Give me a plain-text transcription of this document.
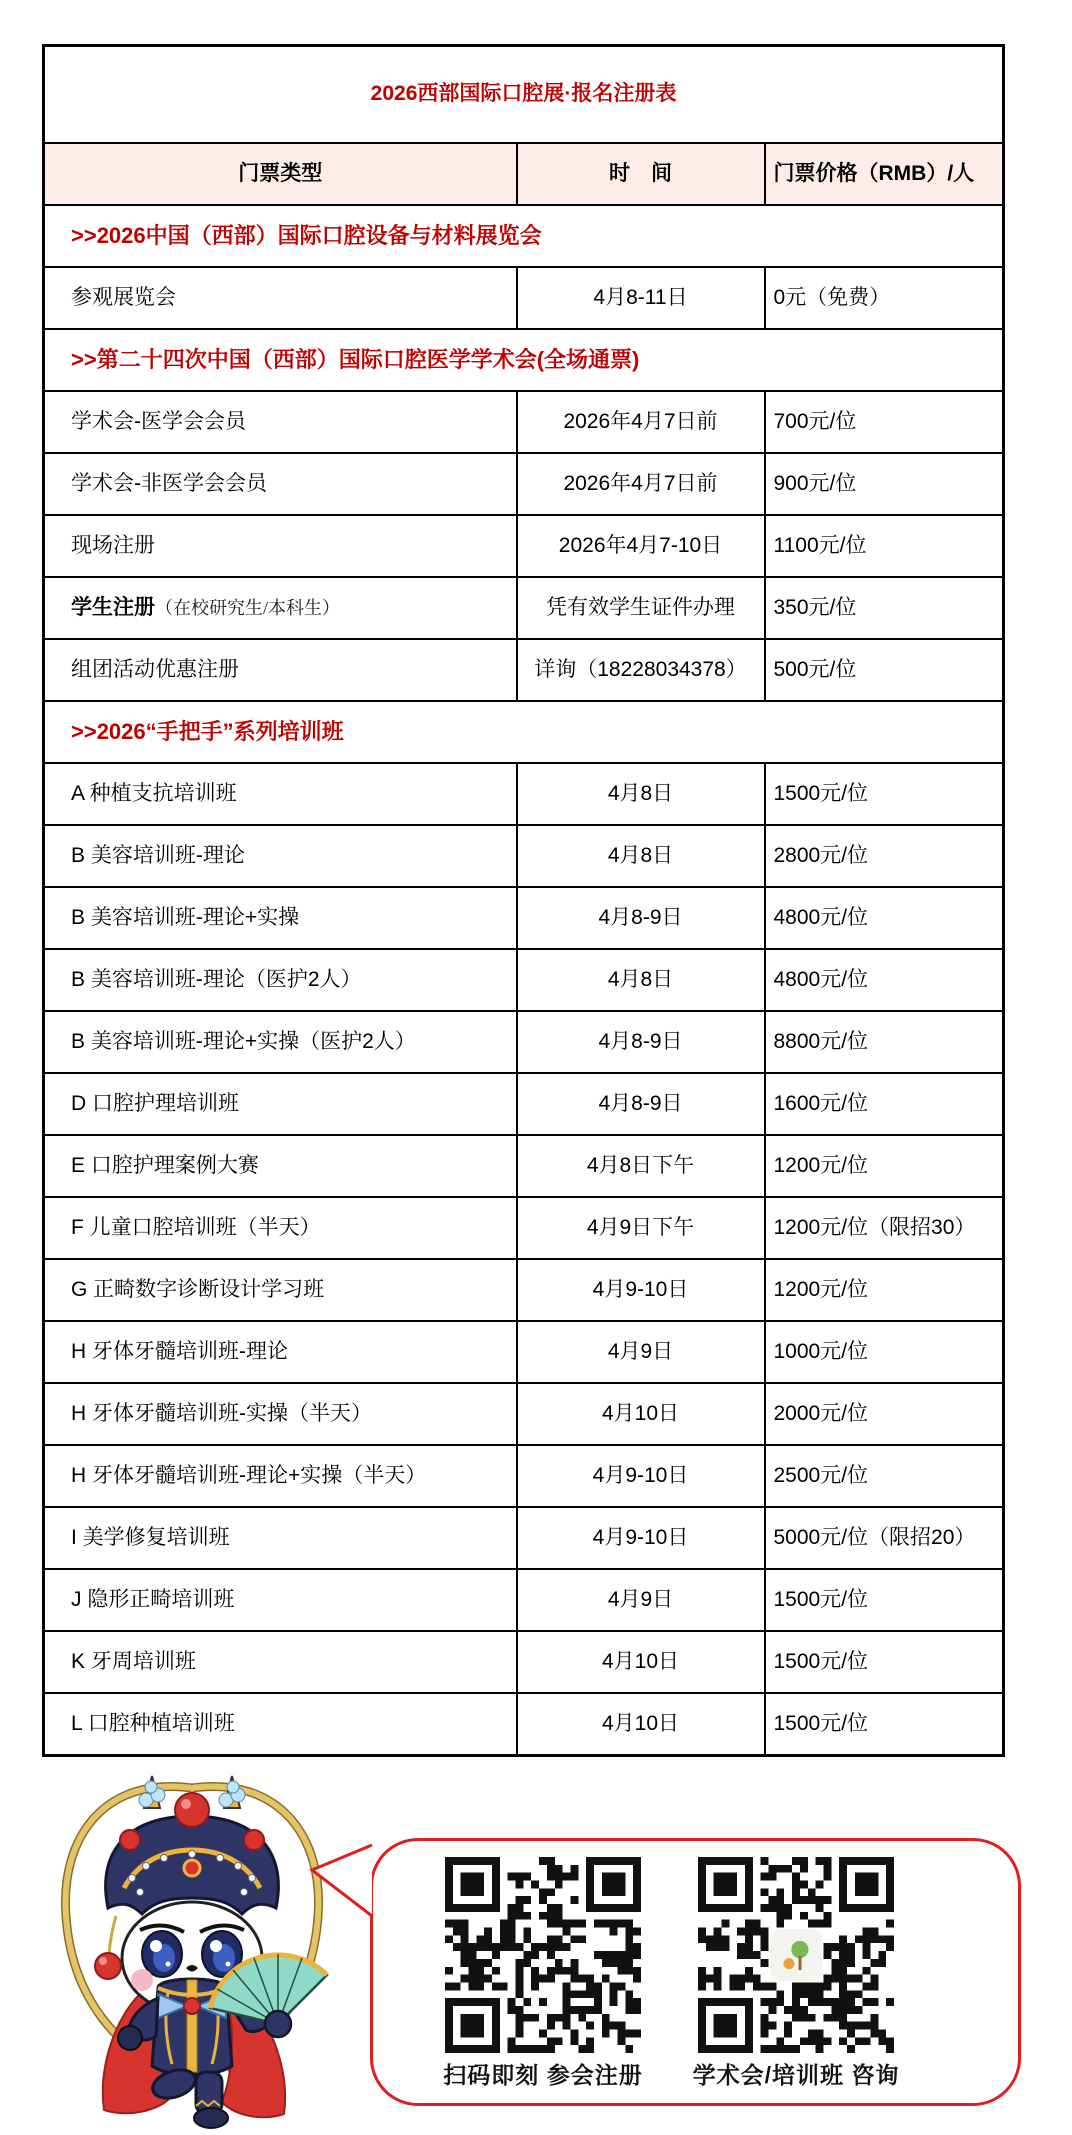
2026西部国际口腔展·报名注册表		
门票类型	时　间	门票价格（RMB）/人
>>2026中国（西部）国际口腔设备与材料展览会		
参观展览会	4月8-11日	0元（免费）
>>第二十四次中国（西部）国际口腔医学学术会(全场通票)		
学术会-医学会会员	2026年4月7日前	700元/位
学术会-非医学会会员	2026年4月7日前	900元/位
现场注册	2026年4月7-10日	1100元/位
学生注册（在校研究生/本科生）	凭有效学生证件办理	350元/位
组团活动优惠注册	详询（18228034378）	500元/位
>>2026“手把手”系列培训班		
A 种植支抗培训班	4月8日	1500元/位
B 美容培训班-理论	4月8日	2800元/位
B 美容培训班-理论+实操	4月8-9日	4800元/位
B 美容培训班-理论（医护2人）	4月8日	4800元/位
B 美容培训班-理论+实操（医护2人）	4月8-9日	8800元/位
D 口腔护理培训班	4月8-9日	1600元/位
E 口腔护理案例大赛	4月8日下午	1200元/位
F 儿童口腔培训班（半天）	4月9日下午	1200元/位（限招30）
G 正畸数字诊断设计学习班	4月9-10日	1200元/位
H 牙体牙髓培训班-理论	4月9日	1000元/位
H 牙体牙髓培训班-实操（半天）	4月10日	2000元/位
H 牙体牙髓培训班-理论+实操（半天）	4月9-10日	2500元/位
I 美学修复培训班	4月9-10日	5000元/位（限招20）
J 隐形正畸培训班	4月9日	1500元/位
K 牙周培训班	4月10日	1500元/位
L 口腔种植培训班	4月10日	1500元/位
扫码即刻 参会注册 学术会/培训班 咨询
